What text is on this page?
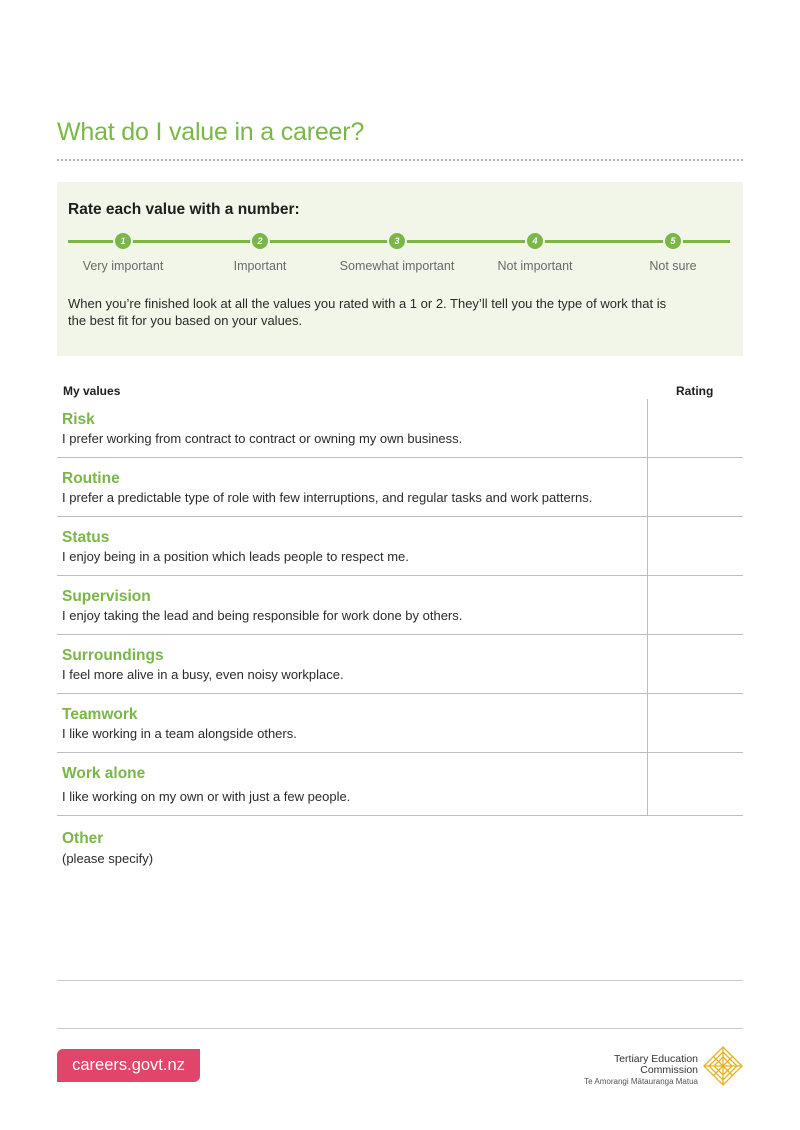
What do I value in a career?
Rate each value with a number:
1
Very important
2
Important
3
Somewhat important
4
Not important
5
Not sure

When you’re finished look at all the values you rated with a 1 or 2. They’ll tell you the type of work that is the best fit for you based on your values.

My values	Rating
Risk
I prefer working from contract to contract or owning my own business.
Routine
I prefer a predictable type of role with few interruptions, and regular tasks and work patterns.
Status
I enjoy being in a position which leads people to respect me.
Supervision
I enjoy taking the lead and being responsible for work done by others.
Surroundings
I feel more alive in a busy, even noisy workplace.
Teamwork
I like working in a team alongside others.
Work alone
I like working on my own or with just a few people.
Other
(please specify)
careers.govt.nz	Tertiary Education
Commission
Te Amorangi Mātauranga Matua
